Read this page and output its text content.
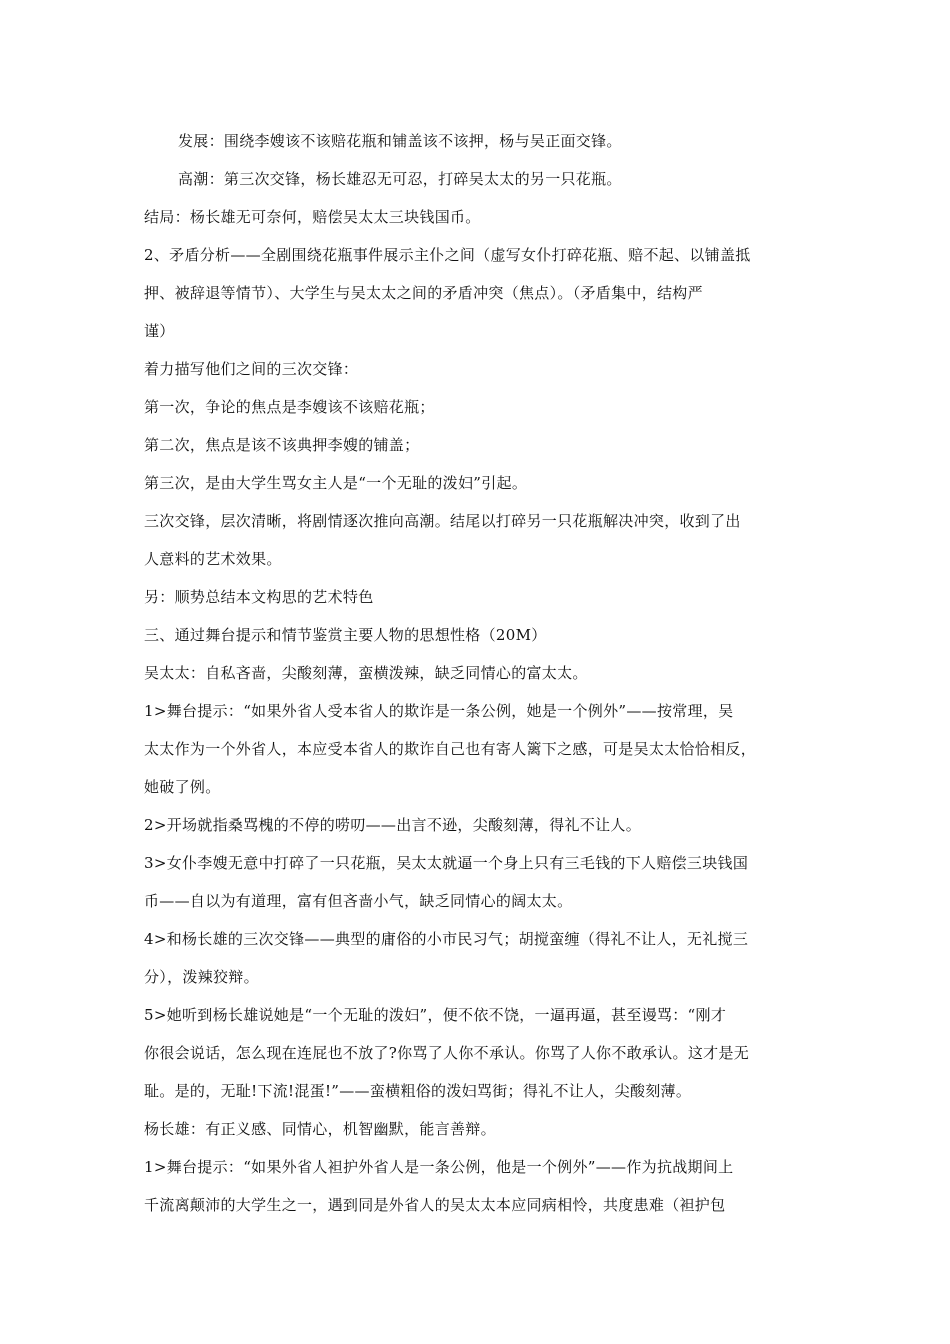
发展：围绕李嫂该不该赔花瓶和铺盖该不该押，杨与吴正面交锋。
高潮：第三次交锋，杨长雄忍无可忍，打碎吴太太的另一只花瓶。
结局：杨长雄无可奈何，赔偿吴太太三块钱国币。
2、矛盾分析——全剧围绕花瓶事件展示主仆之间（虚写女仆打碎花瓶、赔不起、以铺盖抵
押、被辞退等情节）、大学生与吴太太之间的矛盾冲突（焦点）。（矛盾集中，结构严
谨）
着力描写他们之间的三次交锋：
第一次，争论的焦点是李嫂该不该赔花瓶；
第二次，焦点是该不该典押李嫂的铺盖；
第三次，是由大学生骂女主人是“一个无耻的泼妇”引起。
三次交锋，层次清晰，将剧情逐次推向高潮。结尾以打碎另一只花瓶解决冲突，收到了出
人意料的艺术效果。
另：顺势总结本文构思的艺术特色
三、通过舞台提示和情节鉴赏主要人物的思想性格（20M）
吴太太：自私吝啬，尖酸刻薄，蛮横泼辣，缺乏同情心的富太太。
1>舞台提示：“如果外省人受本省人的欺诈是一条公例，她是一个例外”——按常理，吴
太太作为一个外省人，本应受本省人的欺诈自己也有寄人篱下之感，可是吴太太恰恰相反，
她破了例。
2>开场就指桑骂槐的不停的唠叨——出言不逊，尖酸刻薄，得礼不让人。
3>女仆李嫂无意中打碎了一只花瓶，吴太太就逼一个身上只有三毛钱的下人赔偿三块钱国
币——自以为有道理，富有但吝啬小气，缺乏同情心的阔太太。
4>和杨长雄的三次交锋——典型的庸俗的小市民习气；胡搅蛮缠（得礼不让人，无礼搅三
分），泼辣狡辩。
5>她听到杨长雄说她是“一个无耻的泼妇”，便不依不饶，一逼再逼，甚至谩骂：“刚才
你很会说话，怎么现在连屁也不放了?你骂了人你不承认。你骂了人你不敢承认。这才是无
耻。是的，无耻!下流!混蛋!”——蛮横粗俗的泼妇骂街；得礼不让人，尖酸刻薄。
杨长雄：有正义感、同情心，机智幽默，能言善辩。
1>舞台提示：“如果外省人袒护外省人是一条公例，他是一个例外”——作为抗战期间上
千流离颠沛的大学生之一，遇到同是外省人的吴太太本应同病相怜，共度患难（袒护包
